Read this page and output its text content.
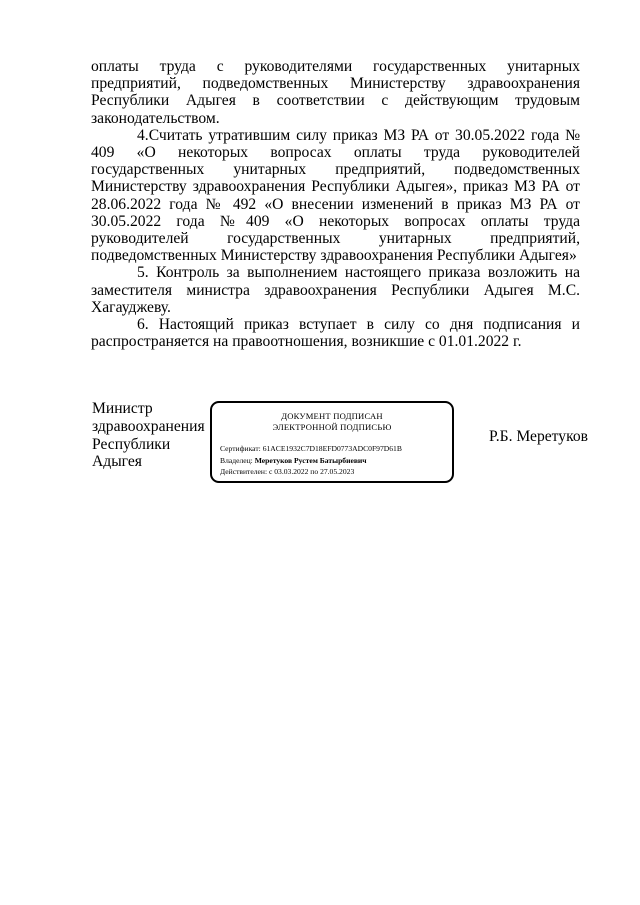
оплаты труда с руководителями государственных унитарных предприятий, подведомственных Министерству здравоохранения Республики Адыгея в соответствии с действующим трудовым законодательством.

4.Считать утратившим силу приказ МЗ РА от 30.05.2022 года № 409 «О некоторых вопросах оплаты труда руководителей государственных унитарных предприятий, подведомственных Министерству здравоохранения Республики Адыгея», приказ МЗ РА от 28.06.2022 года № 492 «О внесении изменений в приказ МЗ РА от 30.05.2022 года №409 «О некоторых вопросах оплаты труда руководителей государственных унитарных предприятий, подведомственных Министерству здравоохранения Республики Адыгея»

5. Контроль за выполнением настоящего приказа возложить на заместителя министра здравоохранения Республики Адыгея М.С. Хагауджеву.

6. Настоящий приказ вступает в силу со дня подписания и распространяется на правоотношения, возникшие с 01.01.2022 г.

Министр
здравоохранения
Республики
Адыгея
ДОКУМЕНТ ПОДПИСАН
ЭЛЕКТРОННОЙ ПОДПИСЬЮ
Сертификат: 61ACE1932C7D18EFD0773ADC0F97D61B
Владелец: Меретуков Рустем Батырбиевич
Действителен: с 03.03.2022 по 27.05.2023
Р.Б. Меретуков
